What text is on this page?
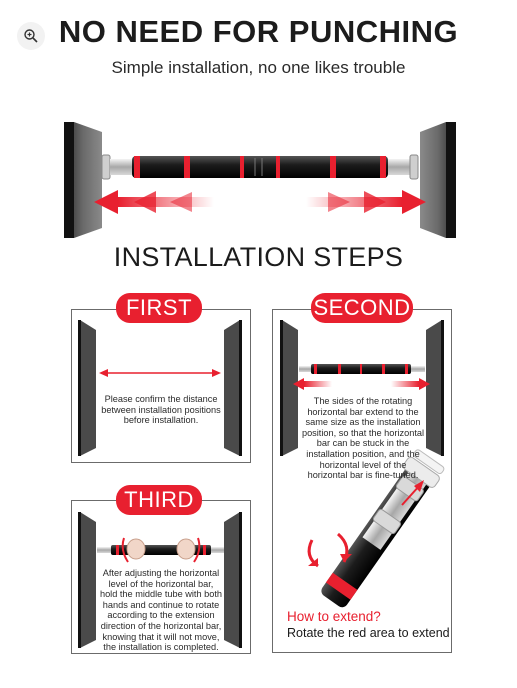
NO NEED FOR PUNCHING
Simple installation, no one likes trouble
INSTALLATION STEPS
FIRST
Please confirm the distance between installation positions before installation.
SECOND
The sides of the rotating horizontal bar extend to the same size as the installation position, so that the horizontal bar can be stuck in the installation position, and the horizontal level of the horizontal bar is fine-tuned.
How to extend?
Rotate the red area to extend
THIRD
After adjusting the horizontal level of the horizontal bar, hold the middle tube with both hands and continue to rotate according to the extension direction of the horizontal bar, knowing that it will not move, the installation is completed.
